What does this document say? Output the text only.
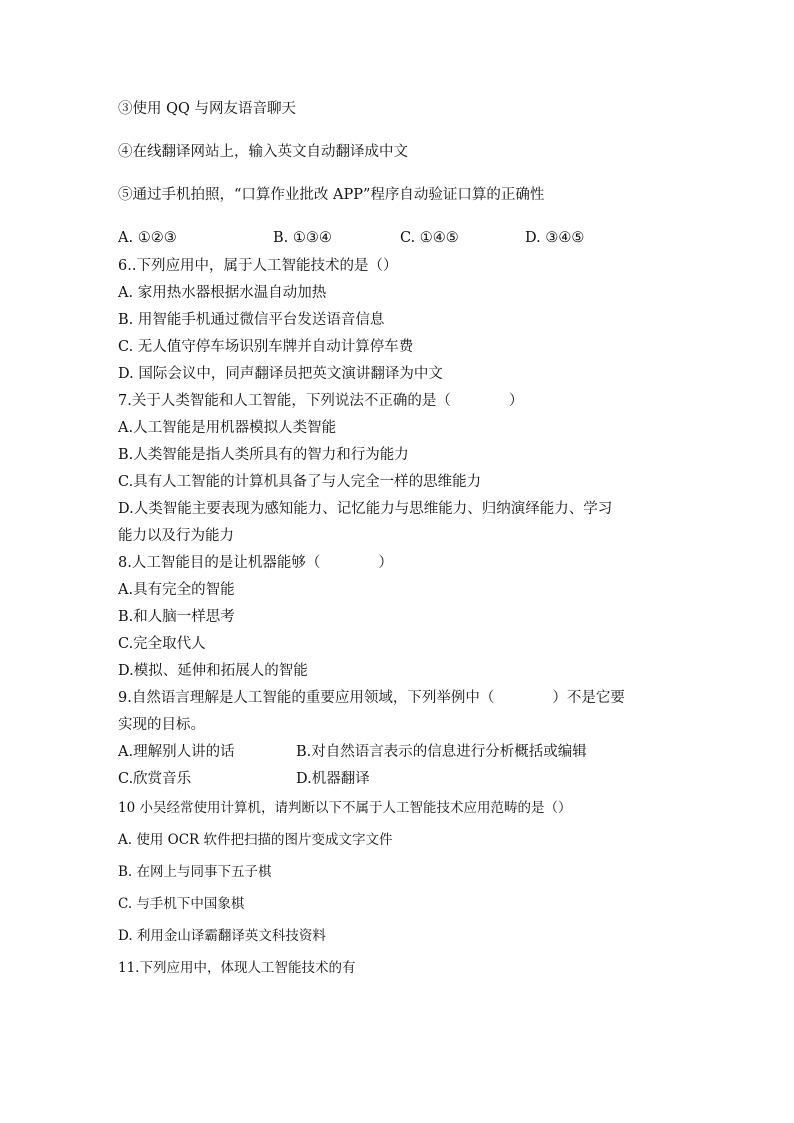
③使用 QQ 与网友语音聊天
④在线翻译网站上，输入英文自动翻译成中文
⑤通过手机拍照，“口算作业批改 APP”程序自动验证口算的正确性
A. ①②③	B. ①③④	C. ①④⑤	D. ③④⑤
6..下列应用中，属于人工智能技术的是（）
A. 家用热水器根据水温自动加热
B. 用智能手机通过微信平台发送语音信息
C. 无人值守停车场识别车牌并自动计算停车费
D. 国际会议中，同声翻译员把英文演讲翻译为中文
7.关于人类智能和人工智能，下列说法不正确的是（　　　　）
A.人工智能是用机器模拟人类智能
B.人类智能是指人类所具有的智力和行为能力
C.具有人工智能的计算机具备了与人完全一样的思维能力
D.人类智能主要表现为感知能力、记忆能力与思维能力、归纳演绎能力、学习
能力以及行为能力
8.人工智能目的是让机器能够（　　　　）
A.具有完全的智能
B.和人脑一样思考
C.完全取代人
D.模拟、延伸和拓展人的智能
9.自然语言理解是人工智能的重要应用领域，下列举例中（　　　　）不是它要
实现的目标。
A.理解别人讲的话	B.对自然语言表示的信息进行分析概括或编辑
C.欣赏音乐	D.机器翻译
10 小吴经常使用计算机，请判断以下不属于人工智能技术应用范畴的是（）
A. 使用 OCR 软件把扫描的图片变成文字文件
B. 在网上与同事下五子棋
C. 与手机下中国象棋
D. 利用金山译霸翻译英文科技资料
11.下列应用中，体现人工智能技术的有
